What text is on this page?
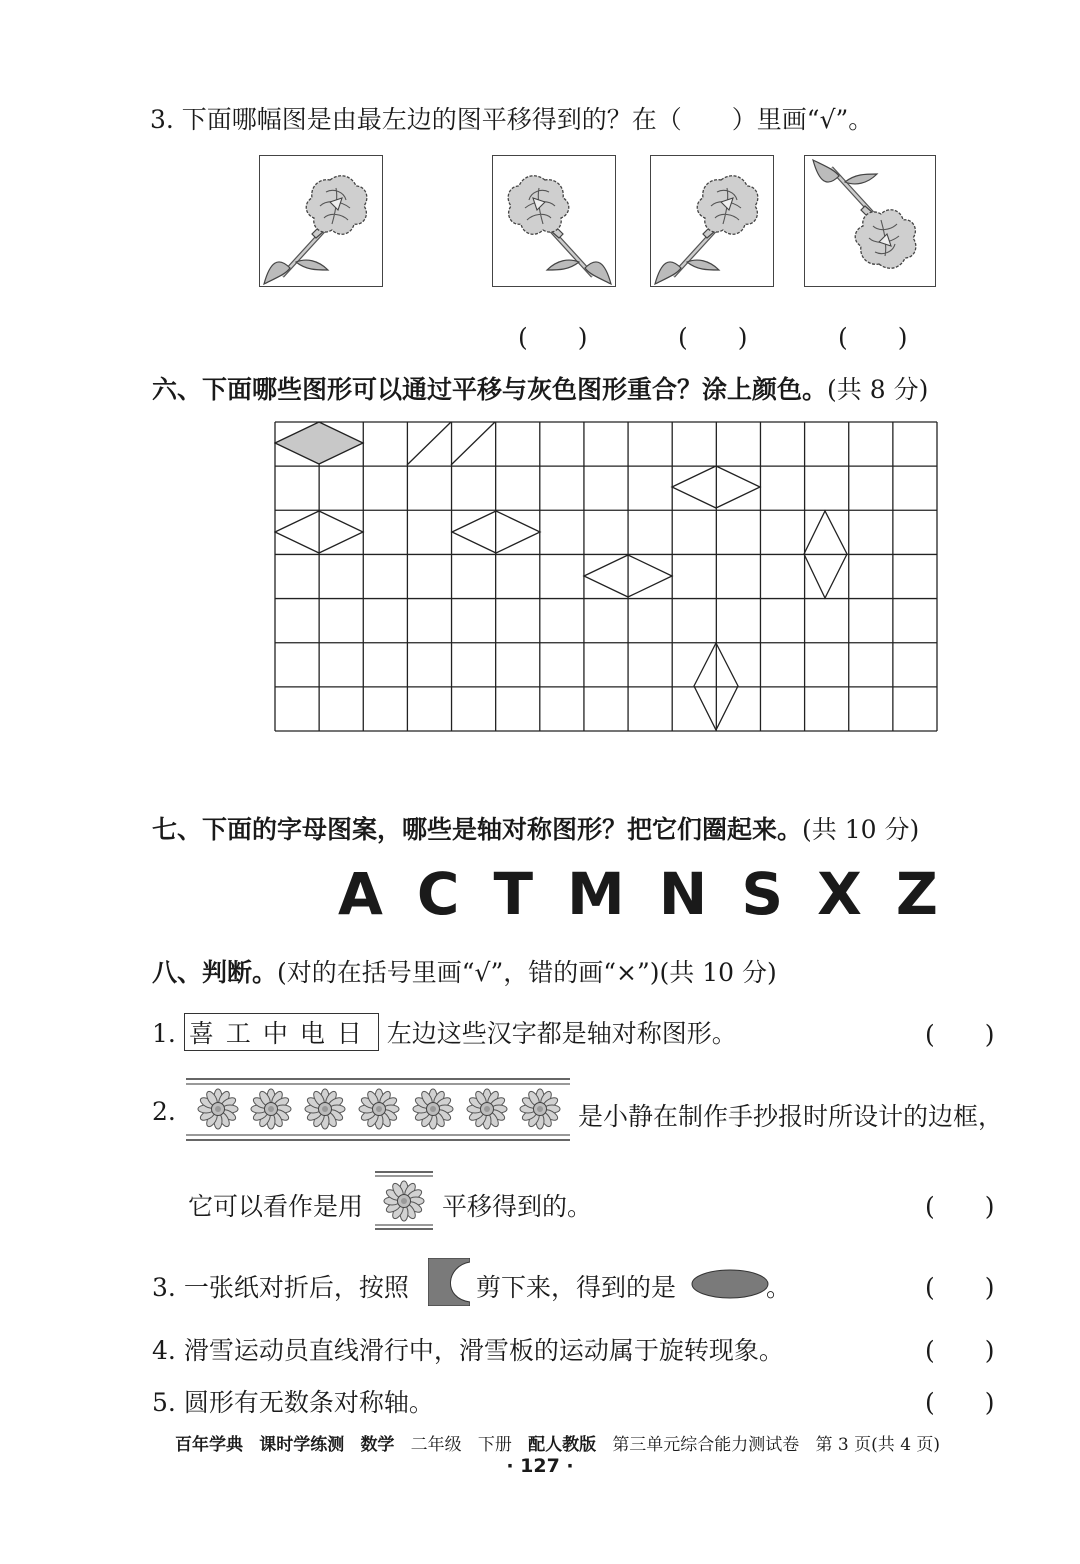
3. 下面哪幅图是由最左边的图平移得到的？在（　　）里画“√”。
(　　)	(　　)	(　　)
六、下面哪些图形可以通过平移与灰色图形重合？涂上颜色。(共 8 分)
七、下面的字母图案，哪些是轴对称图形？把它们圈起来。(共 10 分)
A C T M N S X Z
八、判断。(对的在括号里画“√”，错的画“×”)(共 10 分)
1. 喜工中电日 左边这些汉字都是轴对称图形。	(　　)
2.	是小静在制作手抄报时所设计的边框，
它可以看作是用	平移得到的。	(　　)
3. 一张纸对折后，按照	剪下来，得到的是	。	(　　)
4. 滑雪运动员直线滑行中，滑雪板的运动属于旋转现象。	(　　)
5. 圆形有无数条对称轴。	(　　)
百年学典 课时学练测 数学 二年级 下册 配人教版 第三单元综合能力测试卷 第 3 页(共 4 页)
· 127 ·
